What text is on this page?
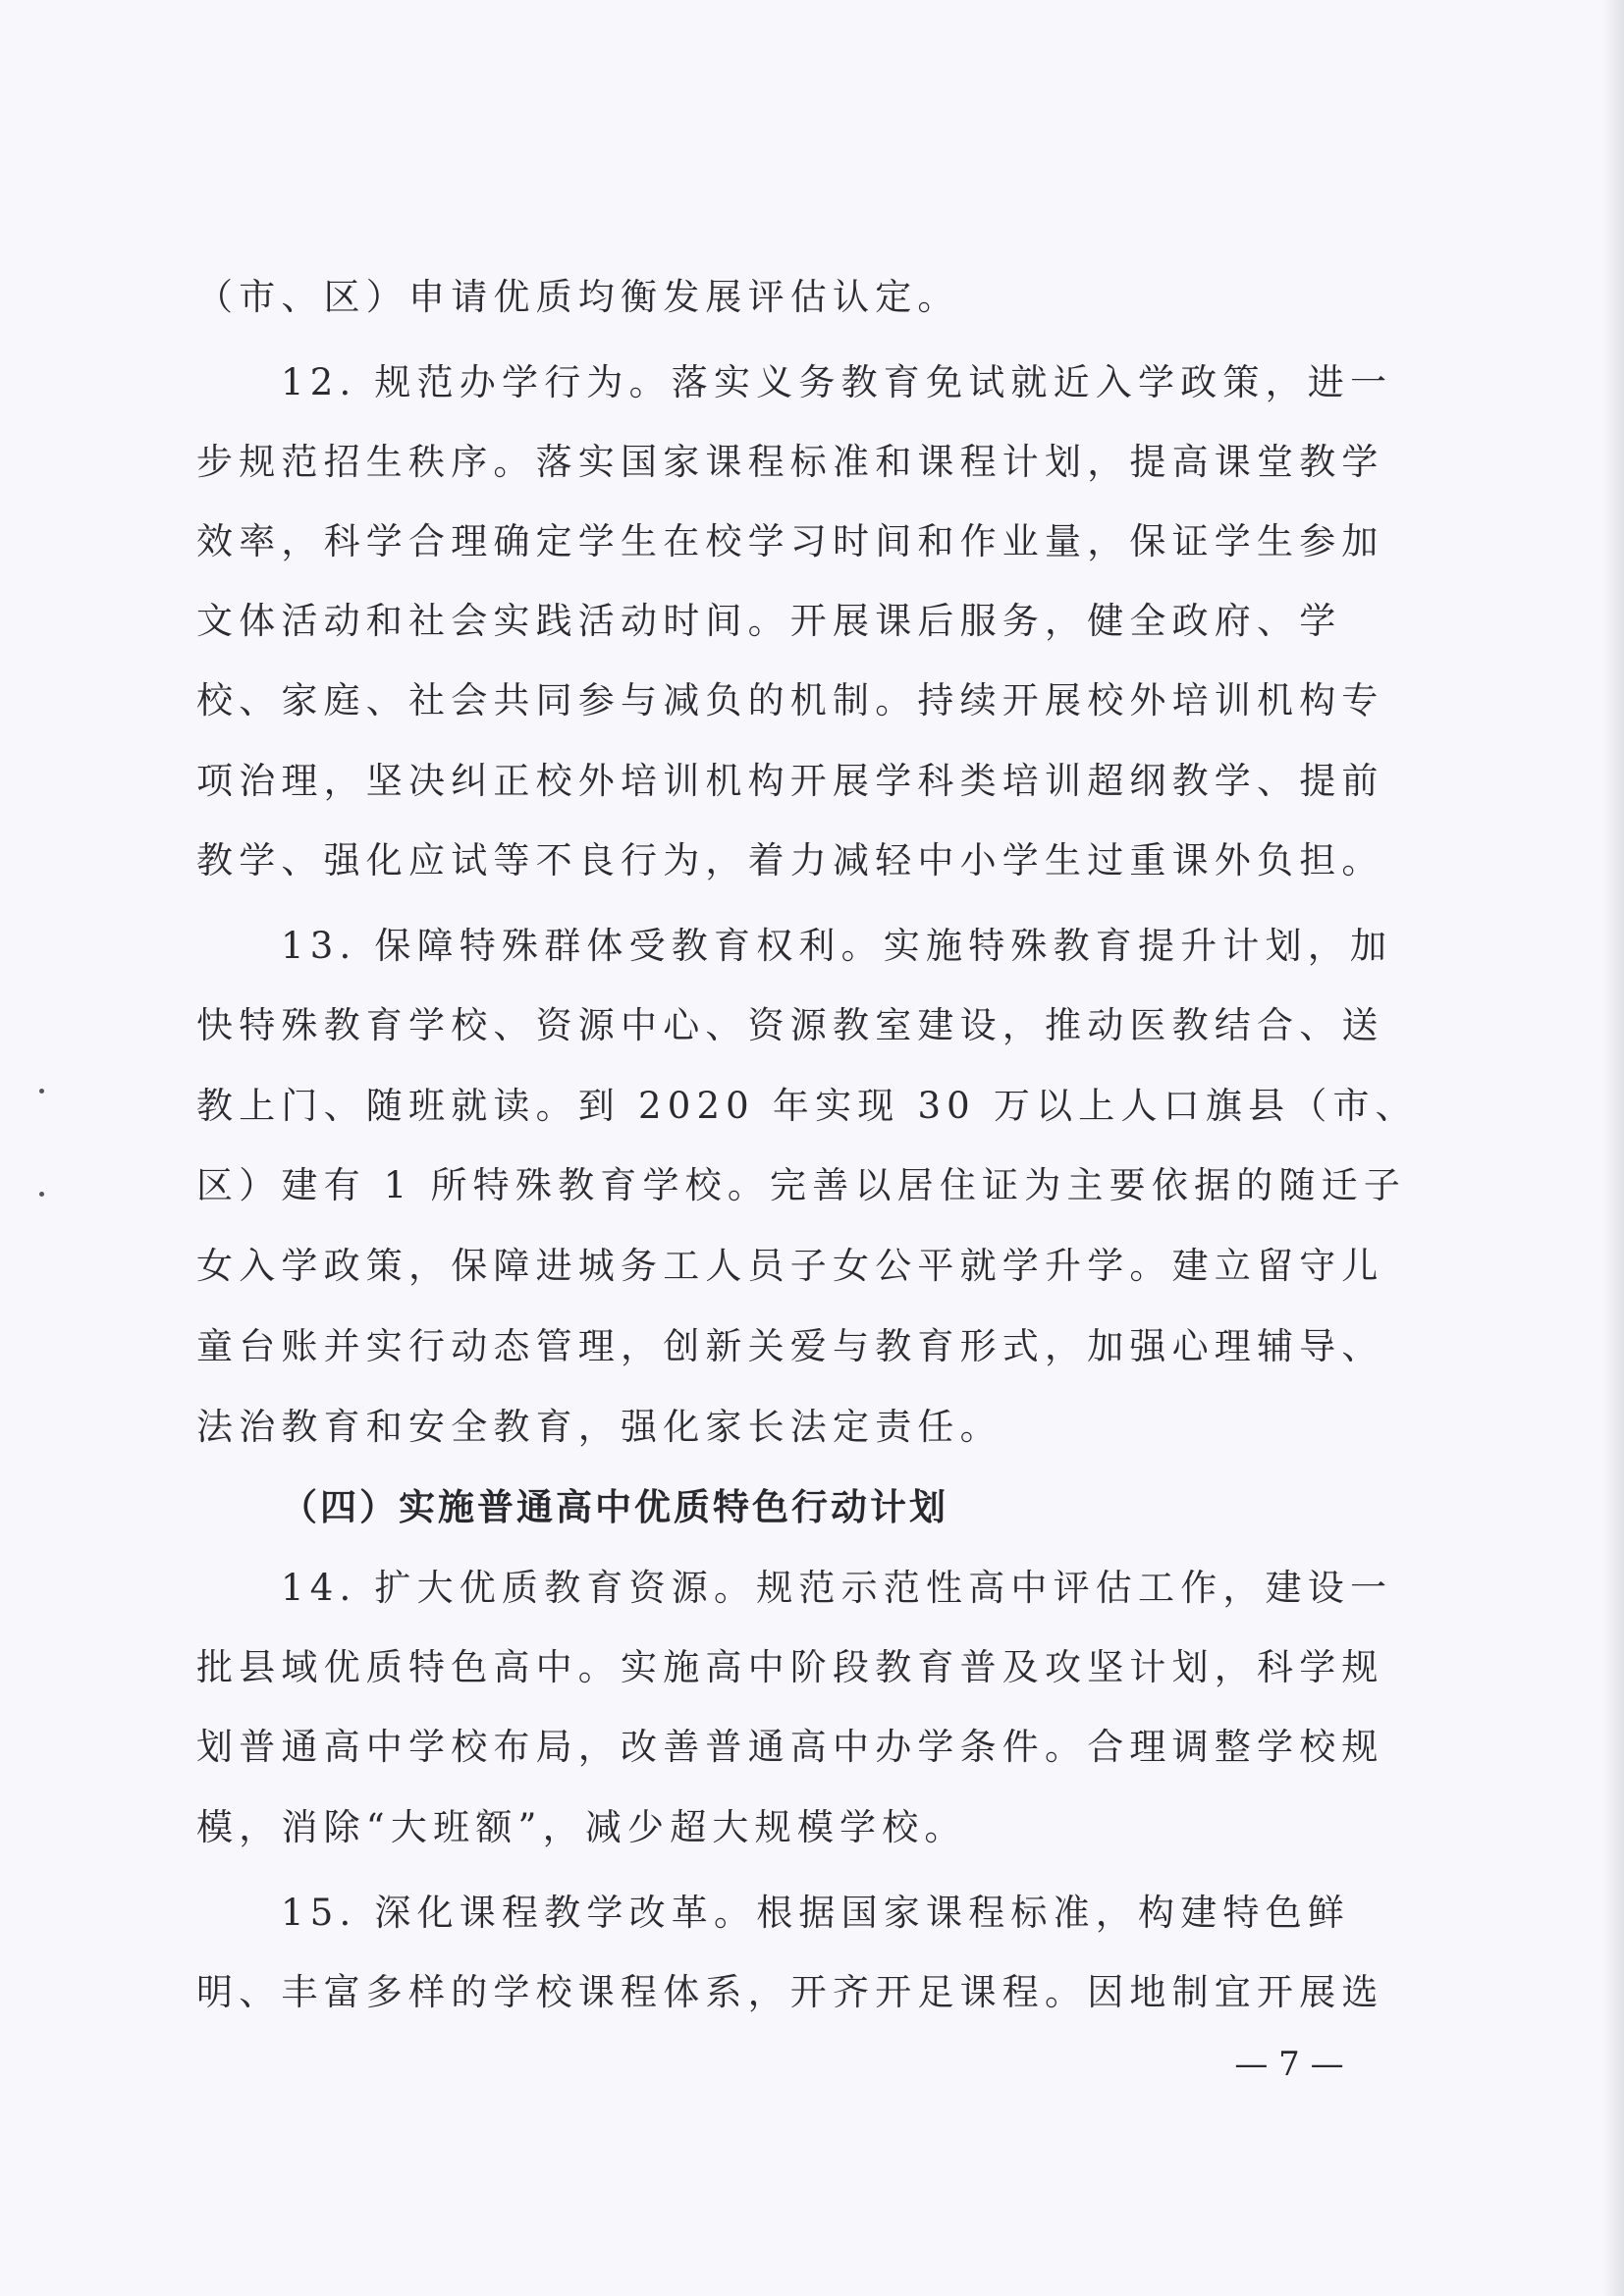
（市、区）申请优质均衡发展评估认定。
12. 规范办学行为。落实义务教育免试就近入学政策，进一
步规范招生秩序。落实国家课程标准和课程计划，提高课堂教学
效率，科学合理确定学生在校学习时间和作业量，保证学生参加
文体活动和社会实践活动时间。开展课后服务，健全政府、学
校、家庭、社会共同参与减负的机制。持续开展校外培训机构专
项治理，坚决纠正校外培训机构开展学科类培训超纲教学、提前
教学、强化应试等不良行为，着力减轻中小学生过重课外负担。
13. 保障特殊群体受教育权利。实施特殊教育提升计划，加
快特殊教育学校、资源中心、资源教室建设，推动医教结合、送
教上门、随班就读。到 2020 年实现 30 万以上人口旗县（市、
区）建有 1 所特殊教育学校。完善以居住证为主要依据的随迁子
女入学政策，保障进城务工人员子女公平就学升学。建立留守儿
童台账并实行动态管理，创新关爱与教育形式，加强心理辅导、
法治教育和安全教育，强化家长法定责任。
（四）实施普通高中优质特色行动计划
14. 扩大优质教育资源。规范示范性高中评估工作，建设一
批县域优质特色高中。实施高中阶段教育普及攻坚计划，科学规
划普通高中学校布局，改善普通高中办学条件。合理调整学校规
模，消除“大班额”，减少超大规模学校。
15. 深化课程教学改革。根据国家课程标准，构建特色鲜
明、丰富多样的学校课程体系，开齐开足课程。因地制宜开展选
— 7 —
